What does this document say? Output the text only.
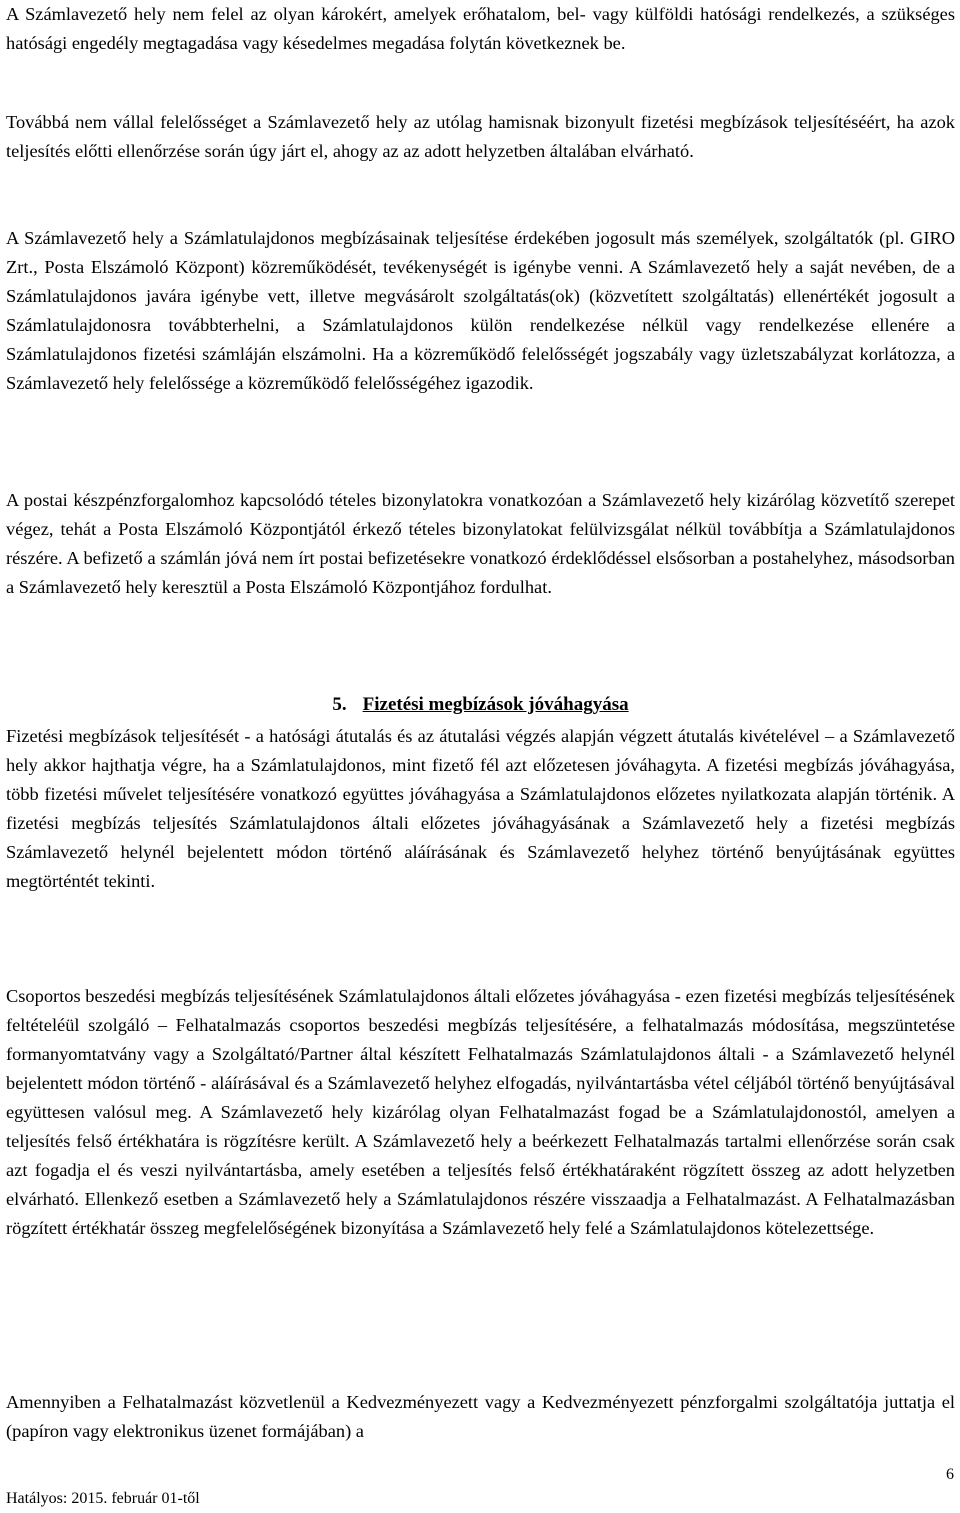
A Számlavezető hely nem felel az olyan károkért, amelyek erőhatalom, bel- vagy külföldi hatósági rendelkezés, a szükséges hatósági engedély megtagadása vagy késedelmes megadása folytán következnek be.

Továbbá nem vállal felelősséget a Számlavezető hely az utólag hamisnak bizonyult fizetési megbízások teljesítéséért, ha azok teljesítés előtti ellenőrzése során úgy járt el, ahogy az az adott helyzetben általában elvárható.

A Számlavezető hely a Számlatulajdonos megbízásainak teljesítése érdekében jogosult más személyek, szolgáltatók (pl. GIRO Zrt., Posta Elszámoló Központ) közreműködését, tevékenységét is igénybe venni. A Számlavezető hely a saját nevében, de a Számlatulajdonos javára igénybe vett, illetve megvásárolt szolgáltatás(ok) (közvetített szolgáltatás) ellenértékét jogosult a Számlatulajdonosra továbbterhelni, a Számlatulajdonos külön rendelkezése nélkül vagy rendelkezése ellenére a Számlatulajdonos fizetési számláján elszámolni. Ha a közreműködő felelősségét jogszabály vagy üzletszabályzat korlátozza, a Számlavezető hely felelőssége a közreműködő felelősségéhez igazodik.

A postai készpénzforgalomhoz kapcsolódó tételes bizonylatokra vonatkozóan a Számlavezető hely kizárólag közvetítő szerepet végez, tehát a Posta Elszámoló Központjától érkező tételes bizonylatokat felülvizsgálat nélkül továbbítja a Számlatulajdonos részére. A befizető a számlán jóvá nem írt postai befizetésekre vonatkozó érdeklődéssel elsősorban a postahelyhez, másodsorban a Számlavezető hely keresztül a Posta Elszámoló Központjához fordulhat.

5. Fizetési megbízások jóváhagyása

Fizetési megbízások teljesítését - a hatósági átutalás és az átutalási végzés alapján végzett átutalás kivételével – a Számlavezető hely akkor hajthatja végre, ha a Számlatulajdonos, mint fizető fél azt előzetesen jóváhagyta. A fizetési megbízás jóváhagyása, több fizetési művelet teljesítésére vonatkozó együttes jóváhagyása a Számlatulajdonos előzetes nyilatkozata alapján történik. A fizetési megbízás teljesítés Számlatulajdonos általi előzetes jóváhagyásának a Számlavezető hely a fizetési megbízás Számlavezető helynél bejelentett módon történő aláírásának és Számlavezető helyhez történő benyújtásának együttes megtörténtét tekinti.

Csoportos beszedési megbízás teljesítésének Számlatulajdonos általi előzetes jóváhagyása - ezen fizetési megbízás teljesítésének feltételéül szolgáló – Felhatalmazás csoportos beszedési megbízás teljesítésére, a felhatalmazás módosítása, megszüntetése formanyomtatvány vagy a Szolgáltató/Partner által készített Felhatalmazás Számlatulajdonos általi - a Számlavezető helynél bejelentett módon történő - aláírásával és a Számlavezető helyhez elfogadás, nyilvántartásba vétel céljából történő benyújtásával együttesen valósul meg. A Számlavezető hely kizárólag olyan Felhatalmazást fogad be a Számlatulajdonostól, amelyen a teljesítés felső értékhatára is rögzítésre került. A Számlavezető hely a beérkezett Felhatalmazás tartalmi ellenőrzése során csak azt fogadja el és veszi nyilvántartásba, amely esetében a teljesítés felső értékhatáraként rögzített összeg az adott helyzetben elvárható. Ellenkező esetben a Számlavezető hely a Számlatulajdonos részére visszaadja a Felhatalmazást. A Felhatalmazásban rögzített értékhatár összeg megfelelőségének bizonyítása a Számlavezető hely felé a Számlatulajdonos kötelezettsége.

Amennyiben a Felhatalmazást közvetlenül a Kedvezményezett vagy a Kedvezményezett pénzforgalmi szolgáltatója juttatja el (papíron vagy elektronikus üzenet formájában) a

6
Hatályos: 2015. február 01-től
